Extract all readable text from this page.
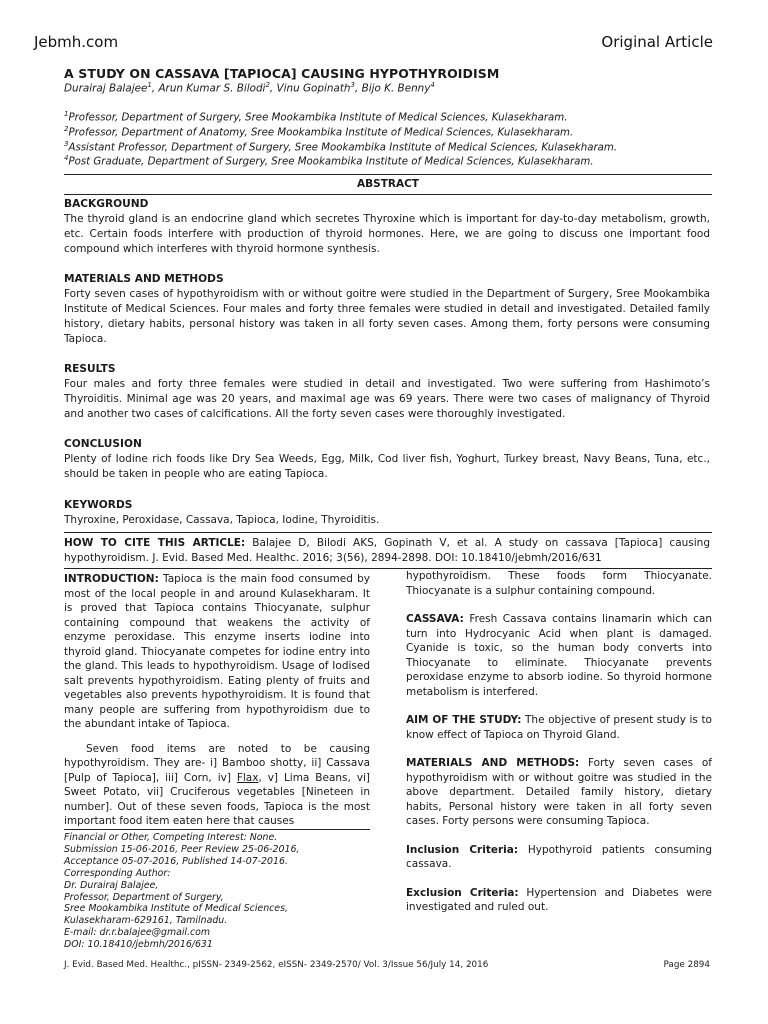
Jebmh.com	Original Article
A STUDY ON CASSAVA [TAPIOCA] CAUSING HYPOTHYROIDISM
Durairaj Balajee$^1$, Arun Kumar S. Bilodi$^2$, Vinu Gopinath$^3$, Bijo K. Benny$^4$
$^1$Professor, Department of Surgery, Sree Mookambika Institute of Medical Sciences, Kulasekharam.
$^2$Professor, Department of Anatomy, Sree Mookambika Institute of Medical Sciences, Kulasekharam.
$^3$Assistant Professor, Department of Surgery, Sree Mookambika Institute of Medical Sciences, Kulasekharam.
$^4$Post Graduate, Department of Surgery, Sree Mookambika Institute of Medical Sciences, Kulasekharam.
ABSTRACT
BACKGROUND
The thyroid gland is an endocrine gland which secretes Thyroxine which is important for day-to-day metabolism, growth, etc. Certain foods interfere with production of thyroid hormones. Here, we are going to discuss one important food compound which interferes with thyroid hormone synthesis.
MATERIALS AND METHODS
Forty seven cases of hypothyroidism with or without goitre were studied in the Department of Surgery, Sree Mookambika Institute of Medical Sciences. Four males and forty three females were studied in detail and investigated. Detailed family history, dietary habits, personal history was taken in all forty seven cases. Among them, forty persons were consuming Tapioca.
RESULTS
Four males and forty three females were studied in detail and investigated. Two were suffering from Hashimoto’s Thyroiditis. Minimal age was 20 years, and maximal age was 69 years. There were two cases of malignancy of Thyroid and another two cases of calcifications. All the forty seven cases were thoroughly investigated.
CONCLUSION
Plenty of Iodine rich foods like Dry Sea Weeds, Egg, Milk, Cod liver fish, Yoghurt, Turkey breast, Navy Beans, Tuna, etc., should be taken in people who are eating Tapioca.
KEYWORDS
Thyroxine, Peroxidase, Cassava, Tapioca, Iodine, Thyroiditis.
HOW TO CITE THIS ARTICLE: Balajee D, Bilodi AKS, Gopinath V, et al. A study on cassava [Tapioca] causing hypothyroidism. J. Evid. Based Med. Healthc. 2016; 3(56), 2894-2898. DOI: 10.18410/jebmh/2016/631

INTRODUCTION: Tapioca is the main food consumed by most of the local people in and around Kulasekharam. It is proved that Tapioca contains Thiocyanate, sulphur containing compound that weakens the activity of enzyme peroxidase. This enzyme inserts iodine into thyroid gland. Thiocyanate competes for iodine entry into the gland. This leads to hypothyroidism. Usage of Iodised salt prevents hypothyroidism. Eating plenty of fruits and vegetables also prevents hypothyroidism. It is found that many people are suffering from hypothyroidism due to the abundant intake of Tapioca.

Seven food items are noted to be causing hypothyroidism. They are- i] Bamboo shotty, ii] Cassava [Pulp of Tapioca], iii] Corn, iv] Flax, v] Lima Beans, vi] Sweet Potato, vii] Cruciferous vegetables [Nineteen in number]. Out of these seven foods, Tapioca is the most important food item eaten here that causes

Financial or Other, Competing Interest: None.
Submission 15-06-2016, Peer Review 25-06-2016,
Acceptance 05-07-2016, Published 14-07-2016.
Corresponding Author:
Dr. Durairaj Balajee,
Professor, Department of Surgery,
Sree Mookambika Institute of Medical Sciences,
Kulasekharam-629161, Tamilnadu.
E-mail: dr.r.balajee@gmail.com
DOI: 10.18410/jebmh/2016/631

hypothyroidism. These foods form Thiocyanate. Thiocyanate is a sulphur containing compound.

CASSAVA: Fresh Cassava contains linamarin which can turn into Hydrocyanic Acid when plant is damaged. Cyanide is toxic, so the human body converts into Thiocyanate to eliminate. Thiocyanate prevents peroxidase enzyme to absorb iodine. So thyroid hormone metabolism is interfered.

AIM OF THE STUDY: The objective of present study is to know effect of Tapioca on Thyroid Gland.

MATERIALS AND METHODS: Forty seven cases of hypothyroidism with or without goitre was studied in the above department. Detailed family history, dietary habits, Personal history were taken in all forty seven cases. Forty persons were consuming Tapioca.

Inclusion Criteria: Hypothyroid patients consuming cassava.

Exclusion Criteria: Hypertension and Diabetes were investigated and ruled out.

J. Evid. Based Med. Healthc., pISSN- 2349-2562, eISSN- 2349-2570/ Vol. 3/Issue 56/July 14, 2016	Page 2894
